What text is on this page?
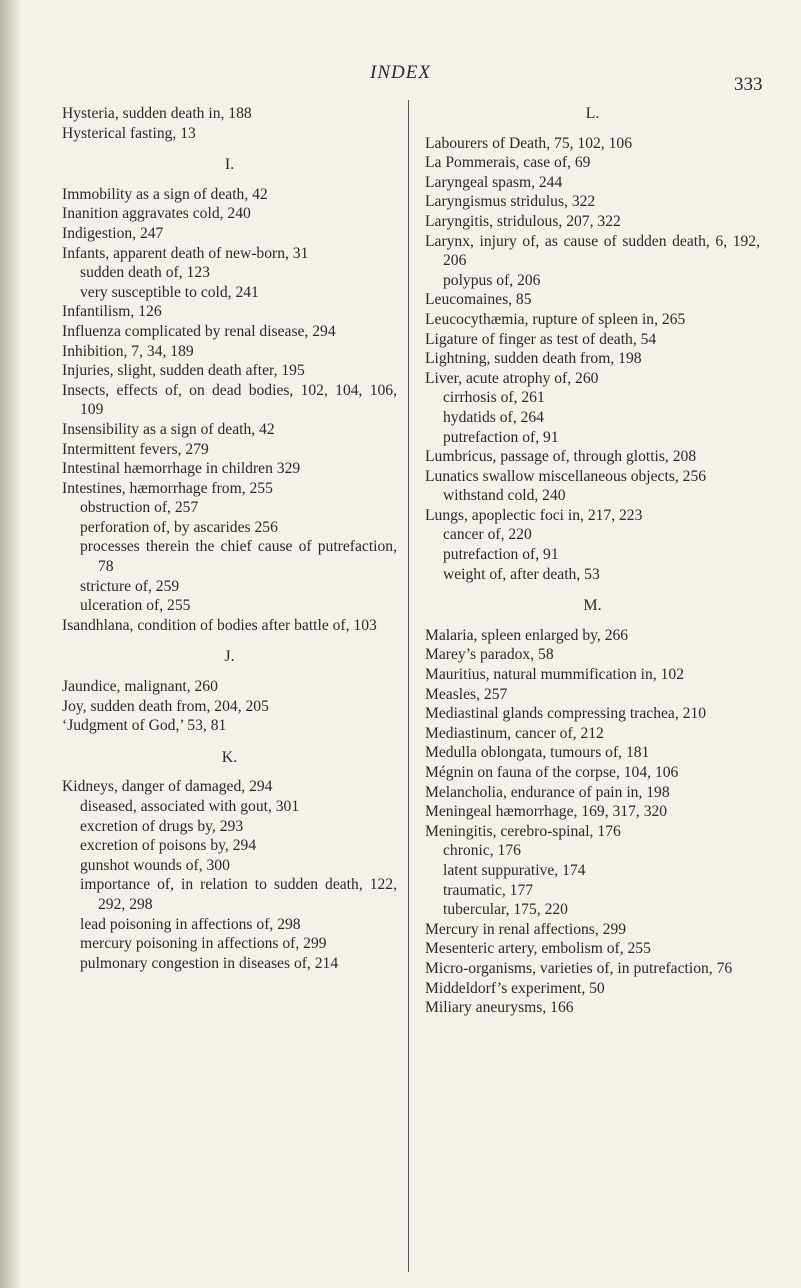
INDEX
333
Hysteria, sudden death in, 188
Hysterical fasting, 13
I.
Immobility as a sign of death, 42
Inanition aggravates cold, 240
Indigestion, 247
Infants, apparent death of new-born, 31
sudden death of, 123
very susceptible to cold, 241
Infantilism, 126
Influenza complicated by renal disease, 294
Inhibition, 7, 34, 189
Injuries, slight, sudden death after, 195
Insects, effects of, on dead bodies, 102, 104, 106, 109
Insensibility as a sign of death, 42
Intermittent fevers, 279
Intestinal hæmorrhage in children 329
Intestines, hæmorrhage from, 255
obstruction of, 257
perforation of, by ascarides 256
processes therein the chief cause of putrefaction, 78
stricture of, 259
ulceration of, 255
Isandhlana, condition of bodies after battle of, 103
J.
Jaundice, malignant, 260
Joy, sudden death from, 204, 205
‘Judgment of God,’ 53, 81
K.
Kidneys, danger of damaged, 294
diseased, associated with gout, 301
excretion of drugs by, 293
excretion of poisons by, 294
gunshot wounds of, 300
importance of, in relation to sudden death, 122, 292, 298
lead poisoning in affections of, 298
mercury poisoning in affections of, 299
pulmonary congestion in diseases of, 214
L.
Labourers of Death, 75, 102, 106
La Pommerais, case of, 69
Laryngeal spasm, 244
Laryngismus stridulus, 322
Laryngitis, stridulous, 207, 322
Larynx, injury of, as cause of sudden death, 6, 192, 206
polypus of, 206
Leucomaines, 85
Leucocythæmia, rupture of spleen in, 265
Ligature of finger as test of death, 54
Lightning, sudden death from, 198
Liver, acute atrophy of, 260
cirrhosis of, 261
hydatids of, 264
putrefaction of, 91
Lumbricus, passage of, through glottis, 208
Lunatics swallow miscellaneous objects, 256
withstand cold, 240
Lungs, apoplectic foci in, 217, 223
cancer of, 220
putrefaction of, 91
weight of, after death, 53
M.
Malaria, spleen enlarged by, 266
Marey’s paradox, 58
Mauritius, natural mummification in, 102
Measles, 257
Mediastinal glands compressing trachea, 210
Mediastinum, cancer of, 212
Medulla oblongata, tumours of, 181
Mégnin on fauna of the corpse, 104, 106
Melancholia, endurance of pain in, 198
Meningeal hæmorrhage, 169, 317, 320
Meningitis, cerebro-spinal, 176
chronic, 176
latent suppurative, 174
traumatic, 177
tubercular, 175, 220
Mercury in renal affections, 299
Mesenteric artery, embolism of, 255
Micro-organisms, varieties of, in putrefaction, 76
Middeldorf’s experiment, 50
Miliary aneurysms, 166
